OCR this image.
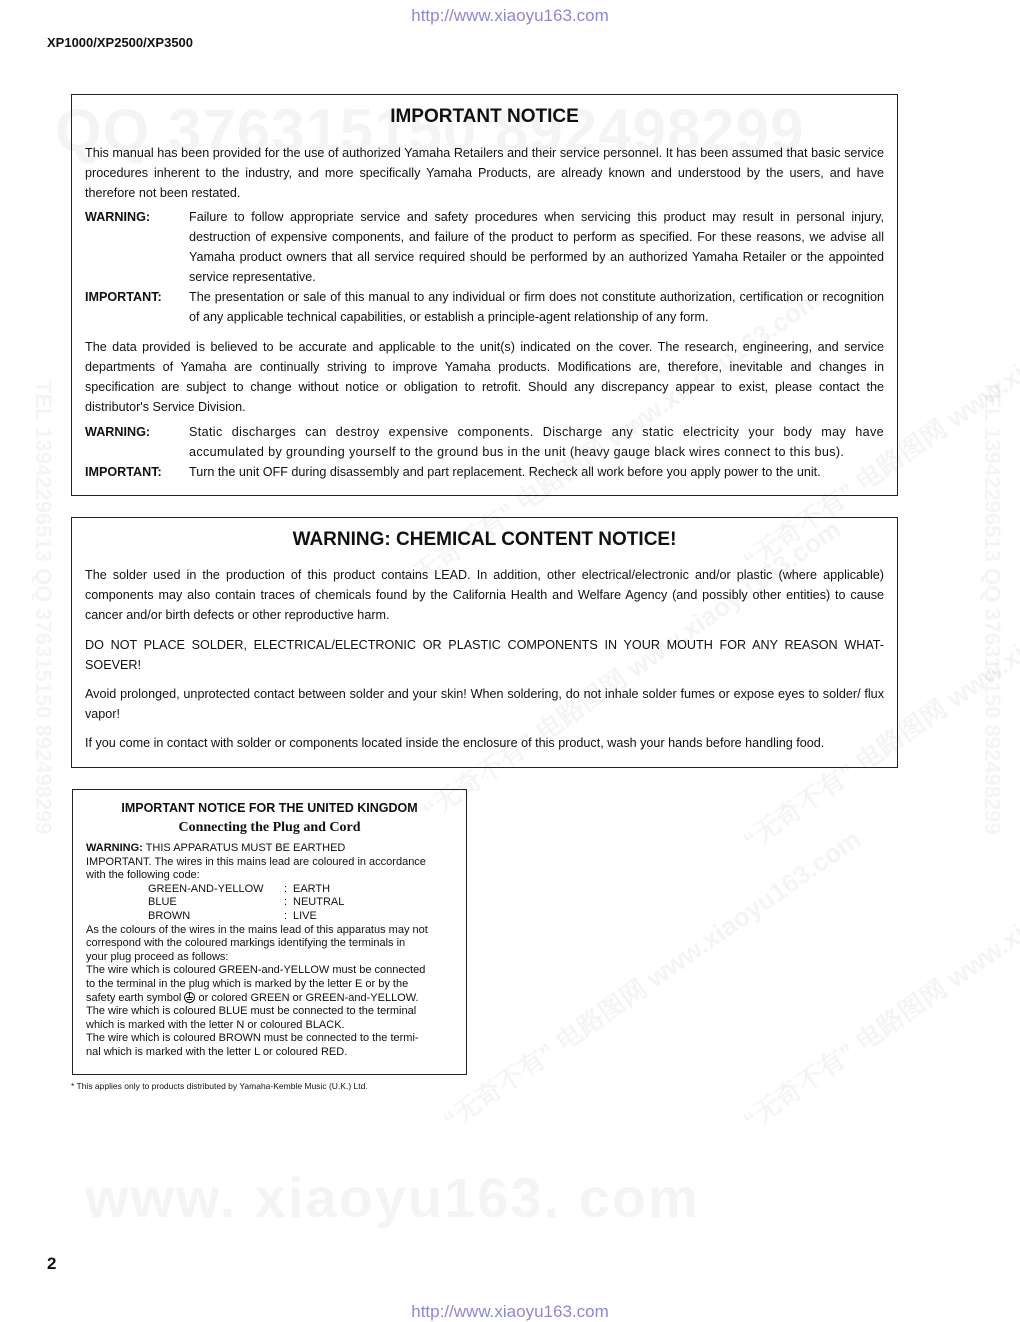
http://www.xiaoyu163.com
XP1000/XP2500/XP3500
IMPORTANT NOTICE
This manual has been provided for the use of authorized Yamaha Retailers and their service personnel. It has been assumed that basic service procedures inherent to the industry, and more specifically Yamaha Products, are already known and understood by the users, and have therefore not been restated.
WARNING:	Failure to follow appropriate service and safety procedures when servicing this product may result in personal injury, destruction of expensive components, and failure of the product to perform as specified. For these reasons, we advise all Yamaha product owners that all service required should be performed by an authorized Yamaha Retailer or the appointed service representative.
IMPORTANT: The presentation or sale of this manual to any individual or firm does not constitute authorization, certification or recognition of any applicable technical capabilities, or establish a principle-agent relationship of any form.
The data provided is believed to be accurate and applicable to the unit(s) indicated on the cover. The research, engineering, and service departments of Yamaha are continually striving to improve Yamaha products. Modifications are, therefore, inevitable and changes in specification are subject to change without notice or obligation to retrofit. Should any discrepancy appear to exist, please contact the distributor's Service Division.
WARNING:	Static discharges can destroy expensive components. Discharge any static electricity your body may have accumulated by grounding yourself to the ground bus in the unit (heavy gauge black wires connect to this bus).
IMPORTANT: Turn the unit OFF during disassembly and part replacement. Recheck all work before you apply power to the unit.
WARNING: CHEMICAL CONTENT NOTICE!
The solder used in the production of this product contains LEAD. In addition, other electrical/electronic and/or plastic (where applicable) components may also contain traces of chemicals found by the California Health and Welfare Agency (and possibly other entities) to cause cancer and/or birth defects or other reproductive harm.
DO NOT PLACE SOLDER, ELECTRICAL/ELECTRONIC OR PLASTIC COMPONENTS IN YOUR MOUTH FOR ANY REASON WHAT-SOEVER!
Avoid prolonged, unprotected contact between solder and your skin! When soldering, do not inhale solder fumes or expose eyes to solder/ flux vapor!
If you come in contact with solder or components located inside the enclosure of this product, wash your hands before handling food.
IMPORTANT NOTICE FOR THE UNITED KINGDOM
Connecting the Plug and Cord
WARNING: THIS APPARATUS MUST BE EARTHED
IMPORTANT. The wires in this mains lead are coloured in accordance
with the following code:
GREEN-AND-YELLOW : EARTH
BLUE	: NEUTRAL
BROWN	: LIVE
As the colours of the wires in the mains lead of this apparatus may not
correspond with the coloured markings identifying the terminals in
your plug proceed as follows:
The wire which is coloured GREEN-and-YELLOW must be connected
to the terminal in the plug which is marked by the letter E or by the
safety earth symbol  or colored GREEN or GREEN-and-YELLOW.
The wire which is coloured BLUE must be connected to the terminal
which is marked with the letter N or coloured BLACK.
The wire which is coloured BROWN must be connected to the termi-
nal which is marked with the letter L or coloured RED.
* This applies only to products distributed by Yamaha-Kemble Music (U.K.) Ltd.
2
http://www.xiaoyu163.com
